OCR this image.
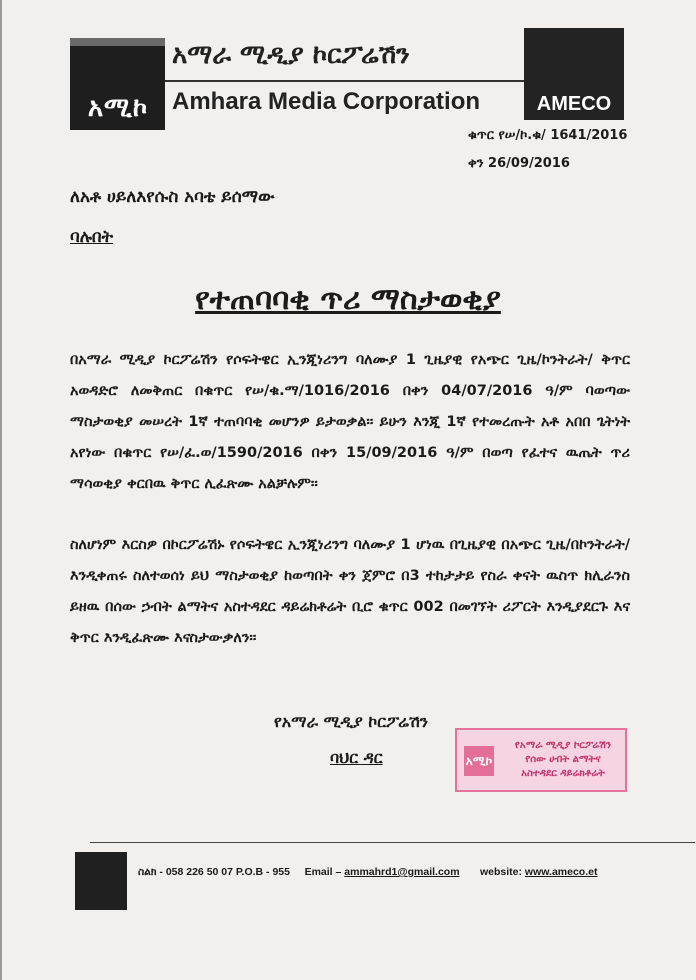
አሚኮ
አማራ ሚዲያ ኮርፖሬሽን
Amhara Media Corporation	AMECO
ቁጥር የሠ/ኮ.ቁ/ 1641/2016
ቀን 26/09/2016
ለአቶ ሀይለእየሱስ አባቴ ይሰማው
ባሉበት
የተጠባባቂ ጥሪ ማስታወቂያ
በአማራ ሚዲያ ኮርፖሬሽን የሶፍትዌር ኢንጂነሪንግ ባለሙያ 1 ጊዜያዊ የአጭር ጊዜ/ኮንትራት/ ቅጥር አወዳድሮ ለመቅጠር በቁጥር የሠ/ቁ.ማ/1016/2016 በቀን 04/07/2016 ዓ/ም ባወጣው ማስታወቂያ መሠረት 1ኛ ተጠባባቂ መሆንዎ ይታወቃል፡፡ ይሁን እንጂ 1ኛ የተመረጡት አቶ አበበ ጌትነት አየነው በቁጥር የሠ/ፈ.ወ/1590/2016 በቀን 15/09/2016 ዓ/ም በወጣ የፈተና ዉጤት ጥሪ ማሳወቂያ ቀርበዉ ቅጥር ሊፈጽሙ አልቻሉም፡፡
ስለሆነም እርስዎ በኮርፖሬሽኑ የሶፍትዌር ኢንጂነሪንግ ባለሙያ 1 ሆነዉ በጊዜያዊ በአጭር ጊዜ/በኮንትራት/ እንዲቀጠሩ ስለተወሰነ ይህ ማስታወቂያ ከወጣበት ቀን ጀምሮ በ3 ተከታታይ የስራ ቀናት ዉስጥ ክሊራንስ ይዘዉ በሰው ኃብት ልማትና አስተዳደር ዳይሬክቶሬት ቢሮ ቁጥር 002 በመገኘት ሪፖርት እንዲያደርጉ እና ቅጥር እንዲፈጽሙ እናስታውቃለን፡፡
የአማራ ሚዲያ ኮርፖሬሽን
ባህር ዳር	አሚኮ
የአማራ ሚዲያ ኮርፖሬሽን
የሰው ሀብት ልማትና
አስተዳደር ዳይሬክቶሬት
ስልክ - 058 226 50 07 P.O.B - 955 Email – ammahrd1@gmail.com website: www.ameco.et
